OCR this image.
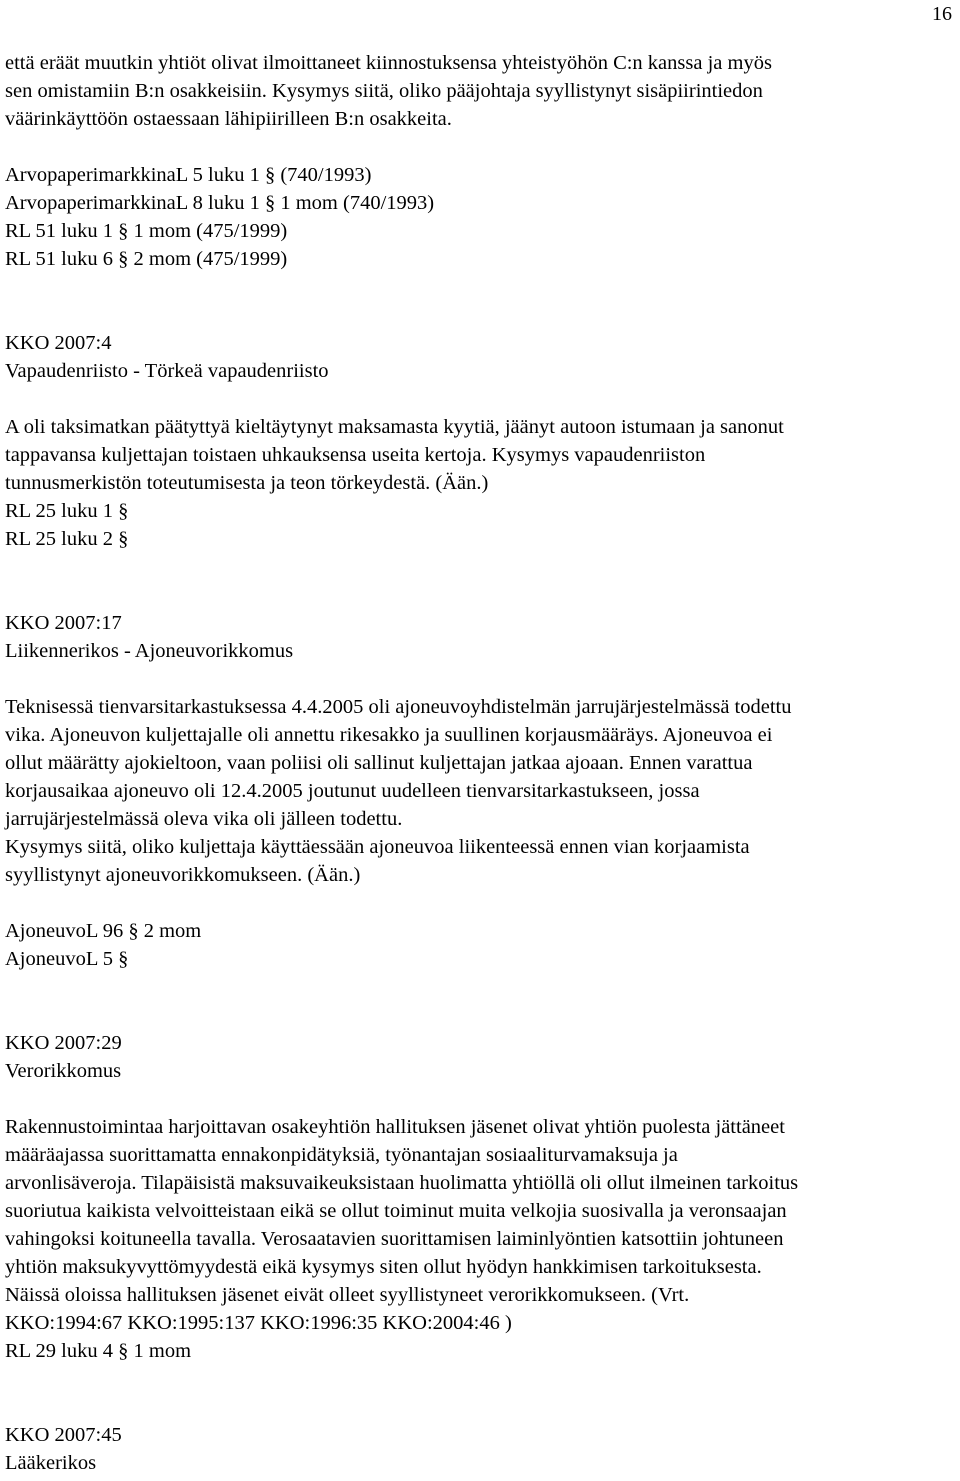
16
että eräät muutkin yhtiöt olivat ilmoittaneet kiinnostuksensa yhteistyöhön C:n kanssa ja myös
sen omistamiin B:n osakkeisiin. Kysymys siitä, oliko pääjohtaja syyllistynyt sisäpiirintiedon
väärinkäyttöön ostaessaan lähipiirilleen B:n osakkeita.
ArvopaperimarkkinaL 5 luku 1 § (740/1993)
ArvopaperimarkkinaL 8 luku 1 § 1 mom (740/1993)
RL 51 luku 1 § 1 mom (475/1999)
RL 51 luku 6 § 2 mom (475/1999)
KKO 2007:4
Vapaudenriisto - Törkeä vapaudenriisto
A oli taksimatkan päätyttyä kieltäytynyt maksamasta kyytiä, jäänyt autoon istumaan ja sanonut
tappavansa kuljettajan toistaen uhkauksensa useita kertoja. Kysymys vapaudenriiston
tunnusmerkistön toteutumisesta ja teon törkeydestä. (Ään.)
RL 25 luku 1 §
RL 25 luku 2 §
KKO 2007:17
Liikennerikos - Ajoneuvorikkomus
Teknisessä tienvarsitarkastuksessa 4.4.2005 oli ajoneuvoyhdistelmän jarrujärjestelmässä todettu
vika. Ajoneuvon kuljettajalle oli annettu rikesakko ja suullinen korjausmääräys. Ajoneuvoa ei
ollut määrätty ajokieltoon, vaan poliisi oli sallinut kuljettajan jatkaa ajoaan. Ennen varattua
korjausaikaa ajoneuvo oli 12.4.2005 joutunut uudelleen tienvarsitarkastukseen, jossa
jarrujärjestelmässä oleva vika oli jälleen todettu.
Kysymys siitä, oliko kuljettaja käyttäessään ajoneuvoa liikenteessä ennen vian korjaamista
syyllistynyt ajoneuvorikkomukseen. (Ään.)
AjoneuvoL 96 § 2 mom
AjoneuvoL 5 §
KKO 2007:29
Verorikkomus
Rakennustoimintaa harjoittavan osakeyhtiön hallituksen jäsenet olivat yhtiön puolesta jättäneet
määräajassa suorittamatta ennakonpidätyksiä, työnantajan sosiaaliturvamaksuja ja
arvonlisäveroja. Tilapäisistä maksuvaikeuksistaan huolimatta yhtiöllä oli ollut ilmeinen tarkoitus
suoriutua kaikista velvoitteistaan eikä se ollut toiminut muita velkojia suosivalla ja veronsaajan
vahingoksi koituneella tavalla. Verosaatavien suorittamisen laiminlyöntien katsottiin johtuneen
yhtiön maksukyvyttömyydestä eikä kysymys siten ollut hyödyn hankkimisen tarkoituksesta.
Näissä oloissa hallituksen jäsenet eivät olleet syyllistyneet verorikkomukseen. (Vrt.
KKO:1994:67 KKO:1995:137 KKO:1996:35 KKO:2004:46 )
RL 29 luku 4 § 1 mom
KKO 2007:45
Lääkerikos
